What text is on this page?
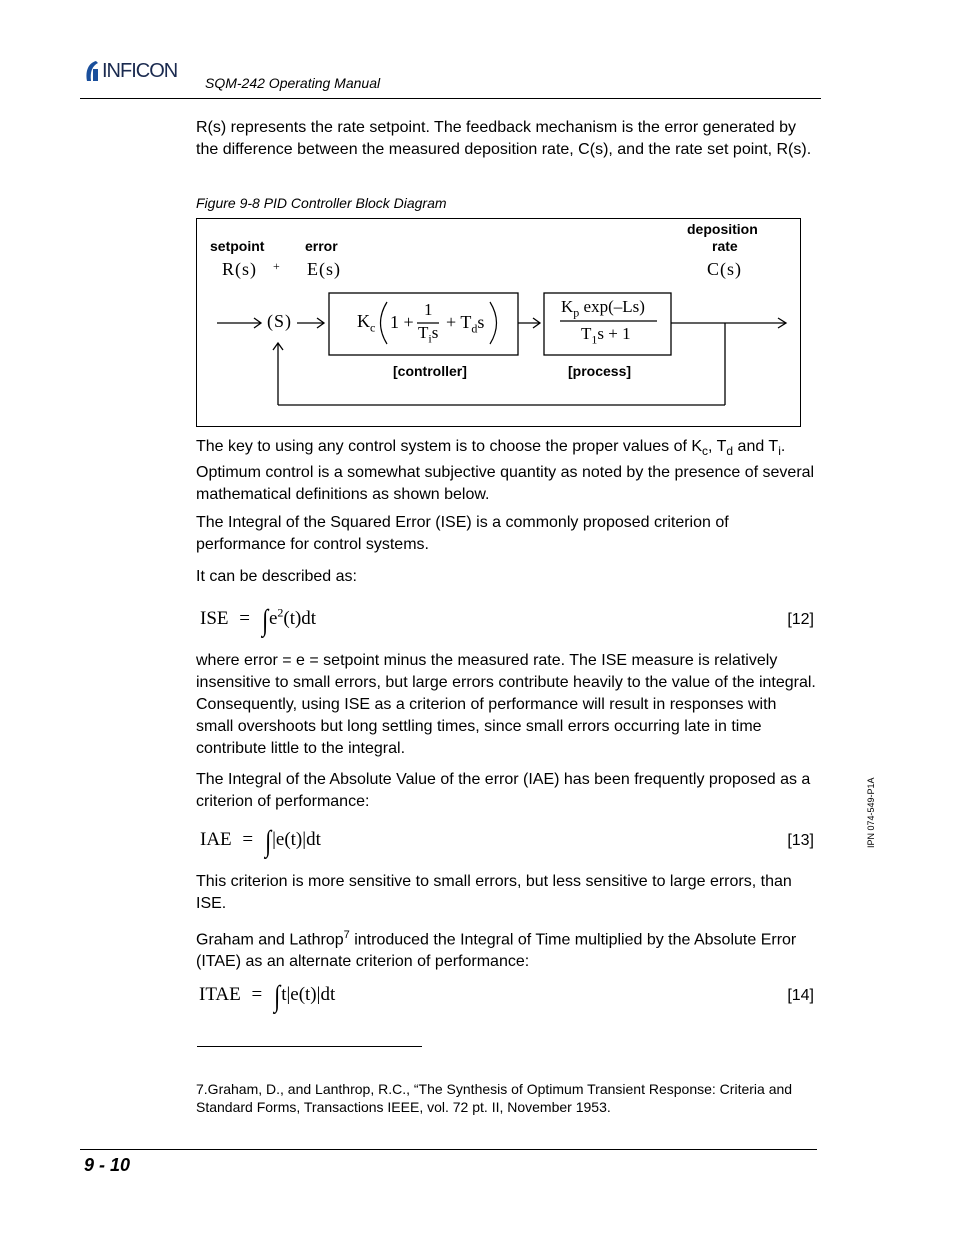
INFICON
SQM-242 Operating Manual
R(s) represents the rate setpoint. The feedback mechanism is the error generated by the difference between the measured deposition rate, C(s), and the rate set point, R(s).
Figure 9-8 PID Controller Block Diagram
setpoint	error
deposition
rate
R(s) + E(s)	C(s)
(S)	$K_c$ 1 +
1
$T_is$
+ $T_ds$
$K_p$ exp(–Ls)
$T_1s + 1$
[controller]	[process]
The key to using any control system is to choose the proper values of $K_c$, $T_d$ and $T_i$. Optimum control is a somewhat subjective quantity as noted by the presence of several mathematical definitions as shown below.
The Integral of the Squared Error (ISE) is a commonly proposed criterion of performance for control systems.
It can be described as:
ISE = $\int e^2(t)dt$	[12]
where error = e = setpoint minus the measured rate. The ISE measure is relatively insensitive to small errors, but large errors contribute heavily to the value of the integral. Consequently, using ISE as a criterion of performance will result in responses with small overshoots but long settling times, since small errors occurring late in time contribute little to the integral.
The Integral of the Absolute Value of the error (IAE) has been frequently proposed as a criterion of performance:
IAE = ∫|e(t)|dt	[13]
This criterion is more sensitive to small errors, but less sensitive to large errors, than ISE.
Graham and Lathrop$^7$ introduced the Integral of Time multiplied by the Absolute Error (ITAE) as an alternate criterion of performance:
ITAE = ∫t|e(t)|dt	[14]
7.Graham, D., and Lanthrop, R.C., “The Synthesis of Optimum Transient Response: Criteria and Standard Forms, Transactions IEEE, vol. 72 pt. II, November 1953.
IPN 074-549-P1A
9 - 10
